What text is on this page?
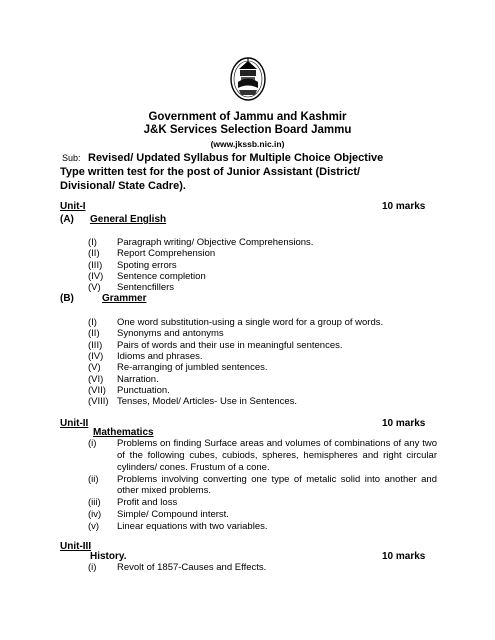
Government of Jammu and Kashmir
J&K Services Selection Board Jammu
(www.jkssb.nic.in)
Sub: Revised/ Updated Syllabus for Multiple Choice Objective Type written test for the post of Junior Assistant (District/ Divisional/ State Cadre).
Unit-I	10 marks
(A) General English
(I) Paragraph writing/ Objective Comprehensions.
(II) Report Comprehension
(III) Spoting errors
(IV) Sentence completion
(V) Sentencfillers
(B)	Grammer
(I) One word substitution-using a single word for a group of words.
(II) Synonyms and antonyms
(III) Pairs of words and their use in meaningful sentences.
(IV) Idioms and phrases.
(V) Re-arranging of jumbled sentences.
(VI) Narration.
(VII) Punctuation.
(VIII) Tenses, Model/ Articles- Use in Sentences.
Unit-II	10 marks
Mathematics
(i) Problems on finding Surface areas and volumes of combinations of any two of the following cubes, cubiods, spheres, hemispheres and right circular cylinders/ cones. Frustum of a cone.
(ii) Problems involving converting one type of metalic solid into another and other mixed problems.
(iii) Profit and loss
(iv) Simple/ Compound interst.
(v) Linear equations with two variables.
Unit-III
History.	10 marks
(i) Revolt of 1857-Causes and Effects.
